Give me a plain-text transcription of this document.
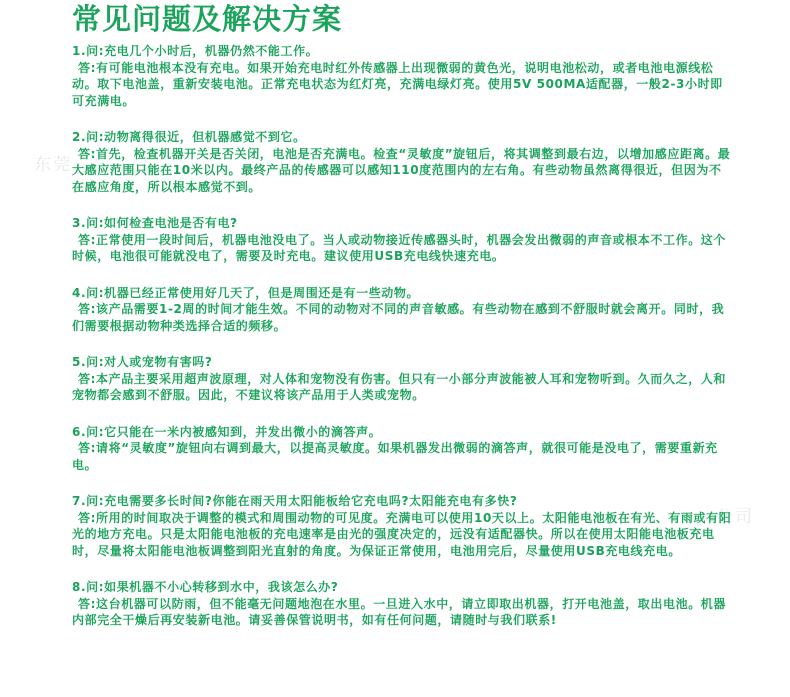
东莞
公司
常见问题及解决方案
1.问:充电几个小时后，机器仍然不能工作。
答:有可能电池根本没有充电。如果开始充电时红外传感器上出现微弱的黄色光，说明电池松动，或者电池电源线松动。取下电池盖，重新安装电池。正常充电状态为红灯亮，充满电绿灯亮。使用5V 500MA适配器，一般2-3小时即可充满电。
2.问:动物离得很近，但机器感觉不到它。
答:首先，检查机器开关是否关闭，电池是否充满电。检查“灵敏度”旋钮后，将其调整到最右边，以增加感应距离。最大感应范围只能在10米以内。最终产品的传感器可以感知110度范围内的左右角。有些动物虽然离得很近，但因为不在感应角度，所以根本感觉不到。
3.问:如何检查电池是否有电?
答:正常使用一段时间后，机器电池没电了。当人或动物接近传感器头时，机器会发出微弱的声音或根本不工作。这个时候，电池很可能就没电了，需要及时充电。建议使用USB充电线快速充电。
4.问:机器已经正常使用好几天了，但是周围还是有一些动物。
答:该产品需要1-2周的时间才能生效。不同的动物对不同的声音敏感。有些动物在感到不舒服时就会离开。同时，我们需要根据动物种类选择合适的频移。
5.问:对人或宠物有害吗?
答:本产品主要采用超声波原理，对人体和宠物没有伤害。但只有一小部分声波能被人耳和宠物听到。久而久之，人和宠物都会感到不舒服。因此，不建议将该产品用于人类或宠物。
6.问:它只能在一米内被感知到，并发出微小的滴答声。
答:请将“灵敏度”旋钮向右调到最大，以提高灵敏度。如果机器发出微弱的滴答声，就很可能是没电了，需要重新充电。
7.问:充电需要多长时间?你能在雨天用太阳能板给它充电吗?太阳能充电有多快?
答:所用的时间取决于调整的模式和周围动物的可见度。充满电可以使用10天以上。太阳能电池板在有光、有雨或有阳光的地方充电。只是太阳能电池板的充电速率是由光的强度决定的，远没有适配器快。所以在使用太阳能电池板充电时，尽量将太阳能电池板调整到阳光直射的角度。为保证正常使用，电池用完后，尽量使用USB充电线充电。
8.问:如果机器不小心转移到水中，我该怎么办?
答:这台机器可以防雨，但不能毫无问题地泡在水里。一旦进入水中，请立即取出机器，打开电池盖，取出电池。机器内部完全干燥后再安装新电池。请妥善保管说明书，如有任何问题，请随时与我们联系!
